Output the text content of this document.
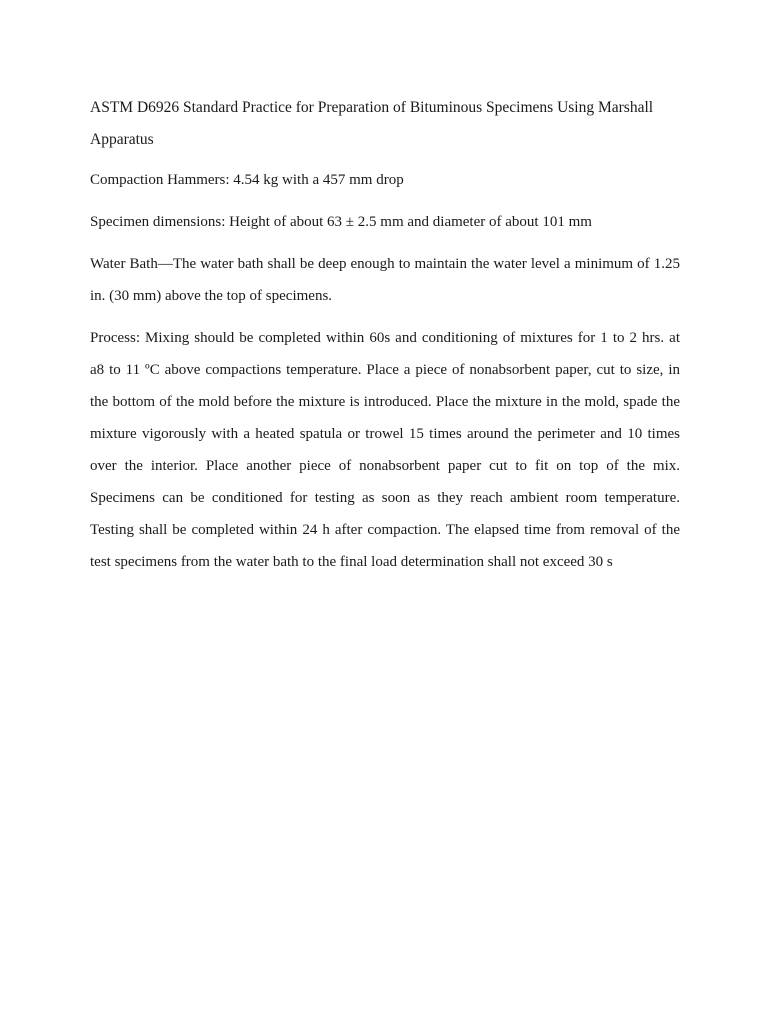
ASTM D6926 Standard Practice for Preparation of Bituminous Specimens Using Marshall

Apparatus

Compaction Hammers: 4.54 kg with a 457 mm drop

Specimen dimensions: Height of about 63 ± 2.5 mm and diameter of about 101 mm

Water Bath—The water bath shall be deep enough to maintain the water level a minimum of 1.25
in. (30 mm) above the top of specimens.
Process: Mixing should be completed within 60s and conditioning of mixtures for 1 to 2 hrs. at
a8 to 11 ºC above compactions temperature. Place a piece of nonabsorbent paper, cut to size, in
the bottom of the mold before the mixture is introduced. Place the mixture in the mold, spade the
mixture vigorously with a heated spatula or trowel 15 times around the perimeter and 10 times
over the interior. Place another piece of nonabsorbent paper cut to fit on top of the mix.
Specimens can be conditioned for testing as soon as they reach ambient room temperature.
Testing shall be completed within 24 h after compaction. The elapsed time from removal of the
test specimens from the water bath to the final load determination shall not exceed 30 s
